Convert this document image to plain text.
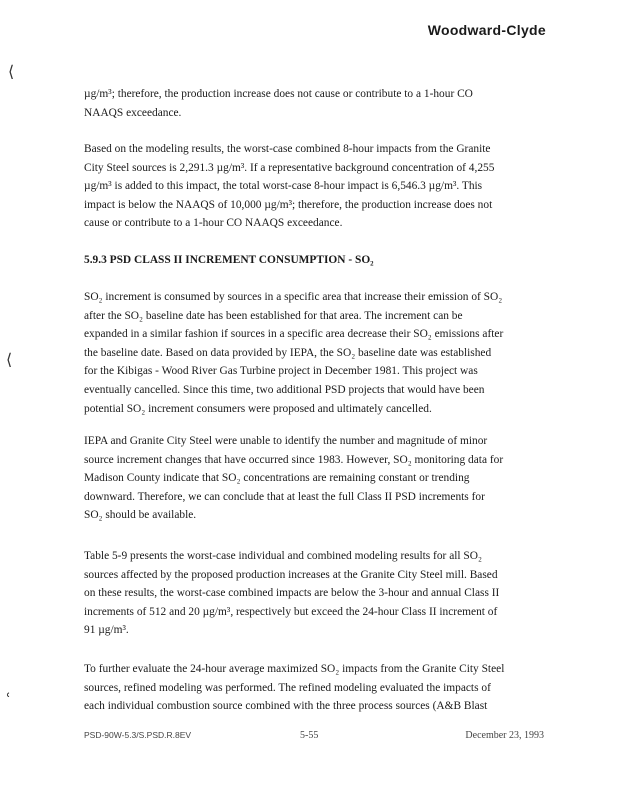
Woodward-Clyde
⟨
⟨
ʿ
µg/m³; therefore, the production increase does not cause or contribute to a 1-hour CO
NAAQS exceedance.
Based on the modeling results, the worst-case combined 8-hour impacts from the Granite
City Steel sources is 2,291.3 µg/m³. If a representative background concentration of 4,255
µg/m³ is added to this impact, the total worst-case 8-hour impact is 6,546.3 µg/m³. This
impact is below the NAAQS of 10,000 µg/m³; therefore, the production increase does not
cause or contribute to a 1-hour CO NAAQS exceedance.
5.9.3 PSD CLASS II INCREMENT CONSUMPTION - SO₂
SO₂ increment is consumed by sources in a specific area that increase their emission of SO₂
after the SO₂ baseline date has been established for that area. The increment can be
expanded in a similar fashion if sources in a specific area decrease their SO₂ emissions after
the baseline date. Based on data provided by IEPA, the SO₂ baseline date was established
for the Kibigas - Wood River Gas Turbine project in December 1981. This project was
eventually cancelled. Since this time, two additional PSD projects that would have been
potential SO₂ increment consumers were proposed and ultimately cancelled.
IEPA and Granite City Steel were unable to identify the number and magnitude of minor
source increment changes that have occurred since 1983. However, SO₂ monitoring data for
Madison County indicate that SO₂ concentrations are remaining constant or trending
downward. Therefore, we can conclude that at least the full Class II PSD increments for
SO₂ should be available.
Table 5-9 presents the worst-case individual and combined modeling results for all SO₂
sources affected by the proposed production increases at the Granite City Steel mill. Based
on these results, the worst-case combined impacts are below the 3-hour and annual Class II
increments of 512 and 20 µg/m³, respectively but exceed the 24-hour Class II increment of
91 µg/m³.
To further evaluate the 24-hour average maximized SO₂ impacts from the Granite City Steel
sources, refined modeling was performed. The refined modeling evaluated the impacts of
each individual combustion source combined with the three process sources (A&B Blast
PSD-90W-5.3/S.PSD.R.8EV	5-55	December 23, 1993
